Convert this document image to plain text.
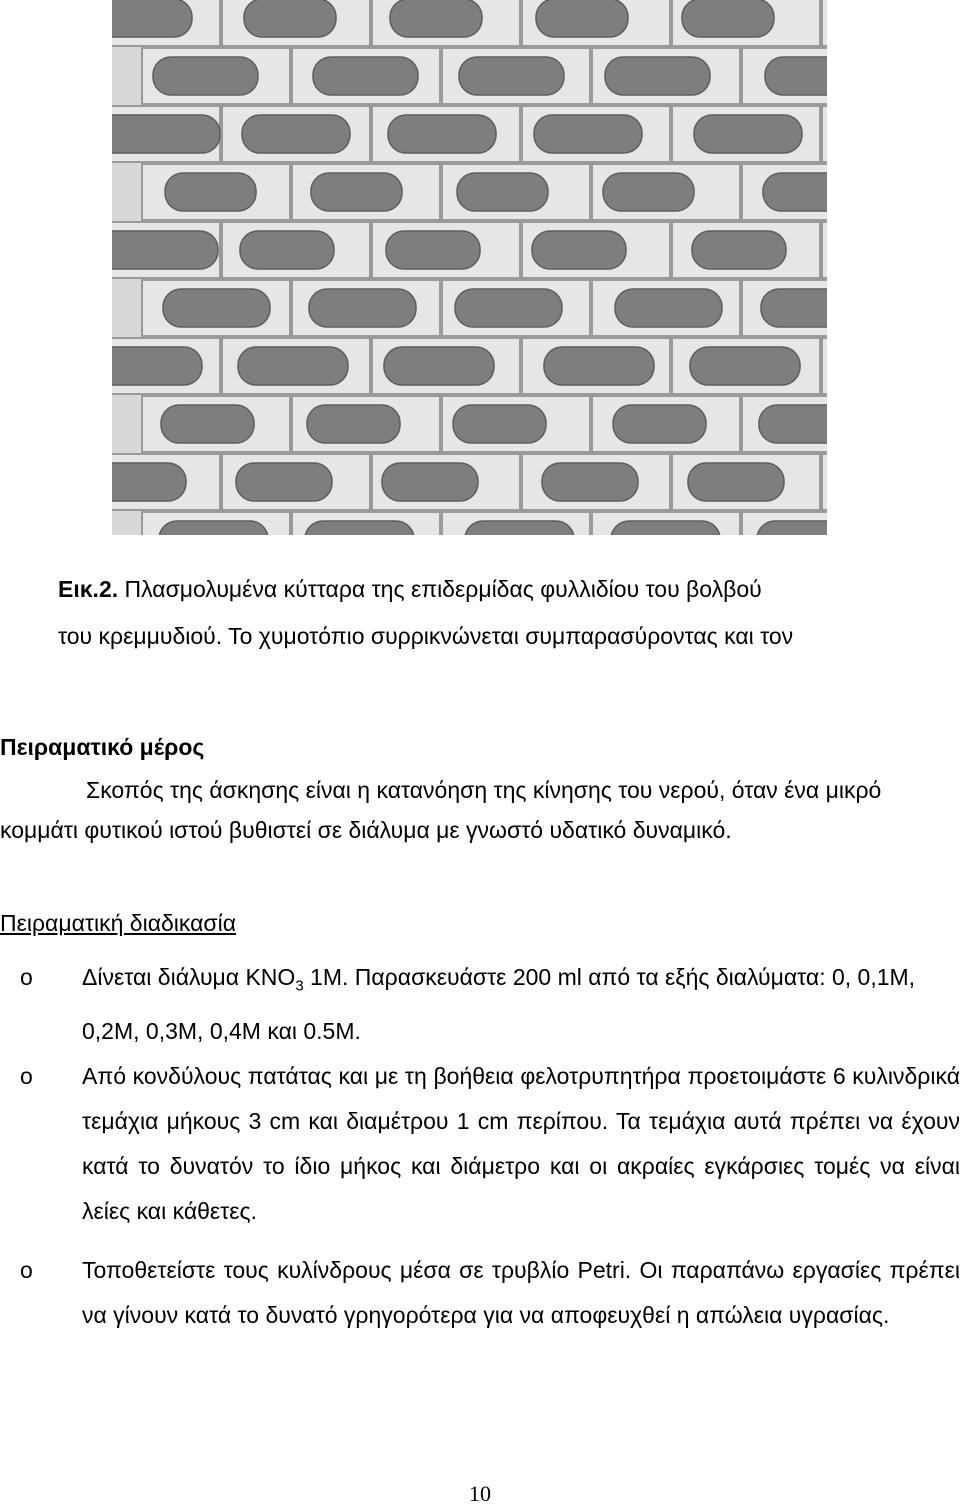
Εικ.2. Πλασμολυμένα κύτταρα της επιδερμίδας φυλλιδίου του βολβού
του κρεμμυδιού. Το χυμοτόπιο συρρικνώνεται συμπαρασύροντας και τον
Πειραματικό μέρος
Σκοπός της άσκησης είναι η κατανόηση της κίνησης του νερού, όταν ένα μικρό κομμάτι φυτικού ιστού βυθιστεί σε διάλυμα με γνωστό υδατικό δυναμικό.
Πειραματική διαδικασία
o Δίνεται διάλυμα $KNO_3$ 1M. Παρασκευάστε 200 ml από τα εξής διαλύματα: 0, 0,1M, 0,2M, 0,3M, 0,4M και 0.5M.
o Από κονδύλους πατάτας και με τη βοήθεια φελοτρυπητήρα προετοιμάστε 6 κυλινδρικά τεμάχια μήκους 3 cm και διαμέτρου 1 cm περίπου. Τα τεμάχια αυτά πρέπει να έχουν κατά το δυνατόν το ίδιο μήκος και διάμετρο και οι ακραίες εγκάρσιες τομές να είναι λείες και κάθετες.
o Τοποθετείστε τους κυλίνδρους μέσα σε τρυβλίο Petri. Οι παραπάνω εργασίες πρέπει να γίνουν κατά το δυνατό γρηγορότερα για να αποφευχθεί η απώλεια υγρασίας.
10
